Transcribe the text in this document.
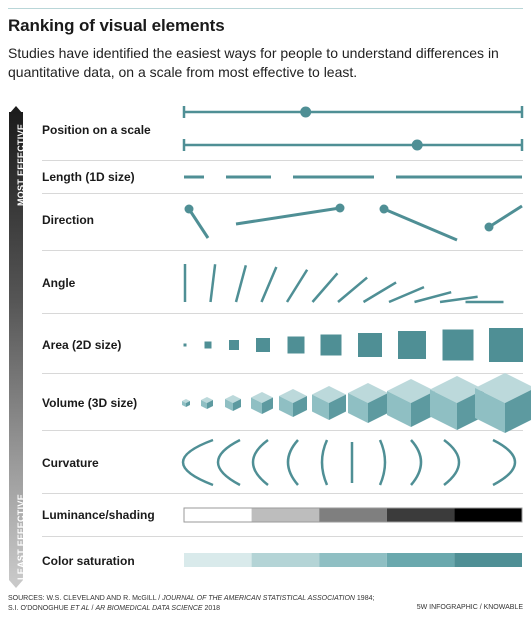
Ranking of visual elements
Studies have identified the easiest ways for people to understand differences in quantitative data, on a scale from most effective to least.
MOST EFFECTIVE
LEAST EFFECTIVE
Position on a scale
Length (1D size)
Direction
Angle
Area (2D size)
Volume (3D size)
Curvature
Luminance/shading
Color saturation
SOURCES: W.S. CLEVELAND AND R. McGILL / JOURNAL OF THE AMERICAN STATISTICAL ASSOCIATION 1984;
S.I. O'DONOGHUE ET AL / AR BIOMEDICAL DATA SCIENCE 2018	5W INFOGRAPHIC / KNOWABLE
